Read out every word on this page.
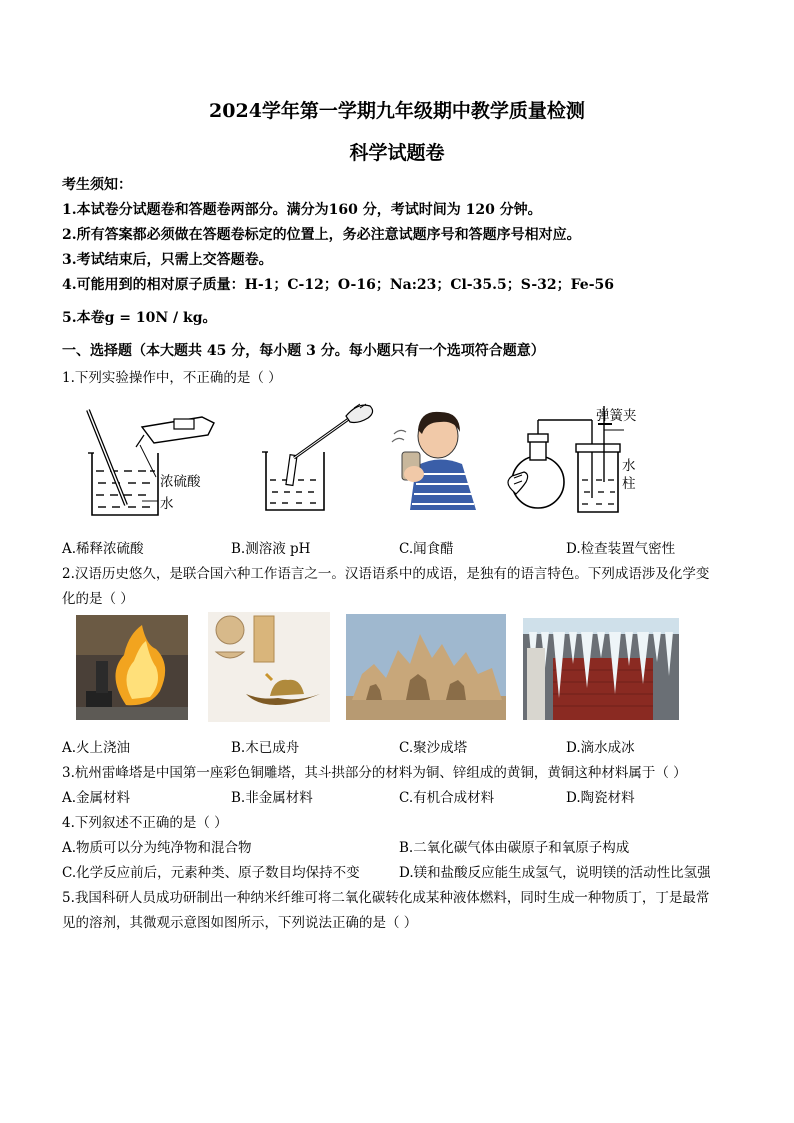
2024学年第一学期九年级期中教学质量检测
科学试题卷
考生须知：
1.本试卷分试题卷和答题卷两部分。满分为160 分，考试时间为 120 分钟。
2.所有答案都必须做在答题卷标定的位置上，务必注意试题序号和答题序号相对应。
3.考试结束后，只需上交答题卷。
4.可能用到的相对原子质量：H-1；C-12；O-16；Na:23；Cl-35.5；S-32；Fe-56
5.本卷g = 10N / kg。
一、选择题（本大题共 45 分，每小题 3 分。每小题只有一个选项符合题意）
1.下列实验操作中，不正确的是（ ）
浓硫酸
水
弹簧夹
水
柱
A.稀释浓硫酸	B.测溶液 pH	C.闻食醋	D.检查装置气密性
2.汉语历史悠久，是联合国六种工作语言之一。汉语语系中的成语，是独有的语言特色。下列成语涉及化学变
化的是（ ）
A.火上浇油	B.木已成舟	C.聚沙成塔	D.滴水成冰
3.杭州雷峰塔是中国第一座彩色铜雕塔，其斗拱部分的材料为铜、锌组成的黄铜，黄铜这种材料属于（ ）
A.金属材料	B.非金属材料	C.有机合成材料	D.陶瓷材料
4.下列叙述不正确的是（ ）
A.物质可以分为纯净物和混合物	B.二氧化碳气体由碳原子和氧原子构成
C.化学反应前后，元素种类、原子数目均保持不变	D.镁和盐酸反应能生成氢气，说明镁的活动性比氢强
5.我国科研人员成功研制出一种纳米纤维可将二氧化碳转化成某种液体燃料，同时生成一种物质丁，丁是最常
见的溶剂，其微观示意图如图所示，下列说法正确的是（ ）
